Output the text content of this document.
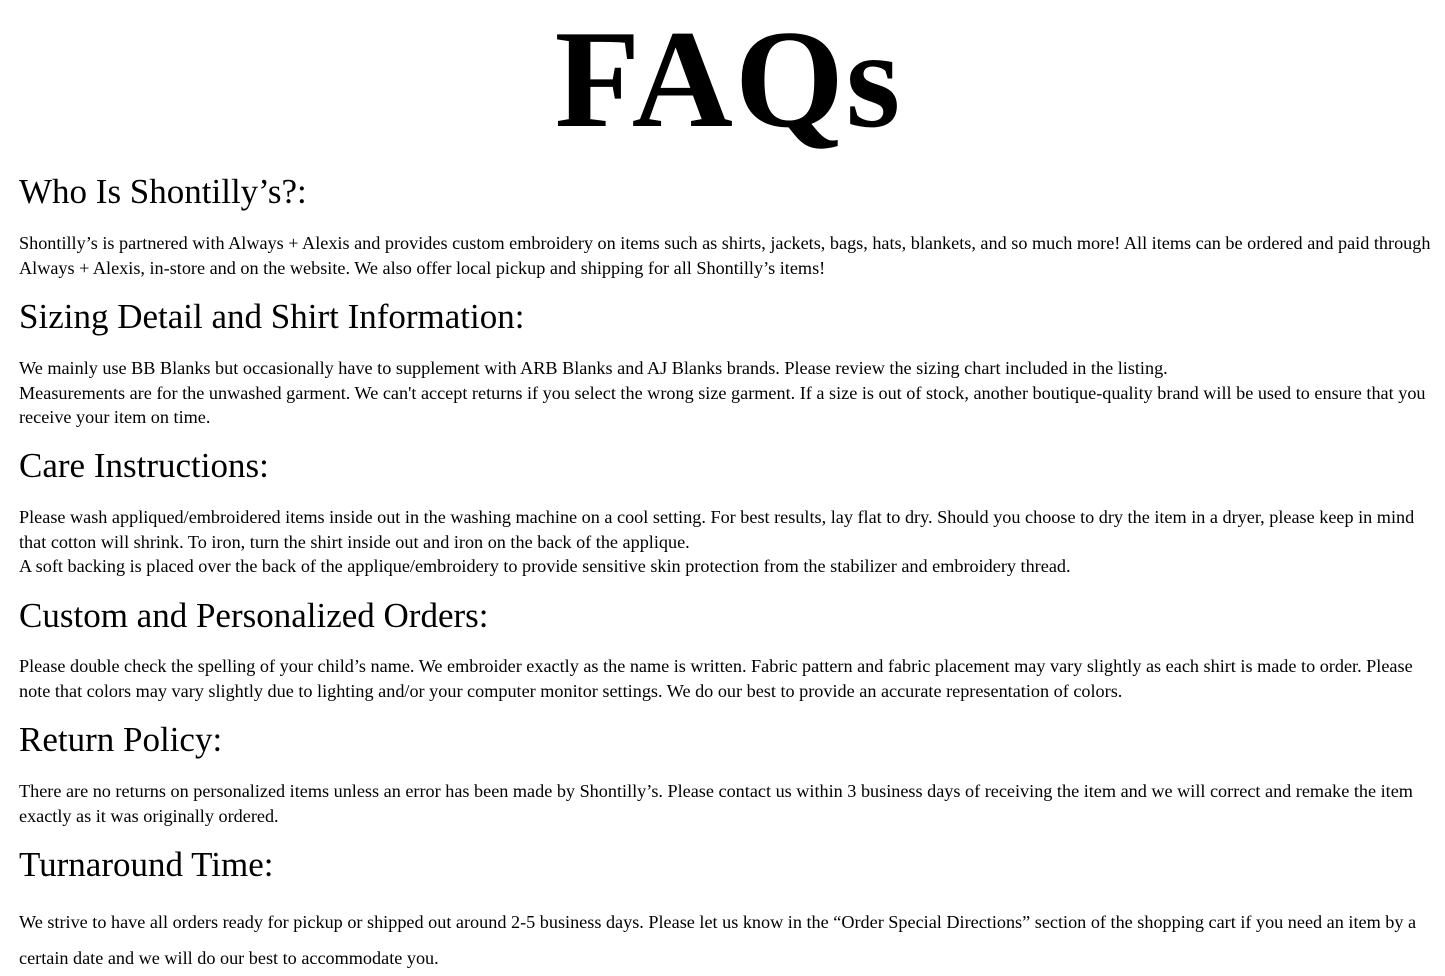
FAQs
Who Is Shontilly’s?:
Shontilly’s is partnered with Always + Alexis and provides custom embroidery on items such as shirts, jackets, bags, hats, blankets, and so much more! All items can be ordered and paid through Always + Alexis, in-store and on the website. We also offer local pickup and shipping for all Shontilly’s items!
Sizing Detail and Shirt Information:
We mainly use BB Blanks but occasionally have to supplement with ARB Blanks and AJ Blanks brands. Please review the sizing chart included in the listing.
Measurements are for the unwashed garment. We can't accept returns if you select the wrong size garment. If a size is out of stock, another boutique-quality brand will be used to ensure that you receive your item on time.
Care Instructions:
Please wash appliqued/embroidered items inside out in the washing machine on a cool setting. For best results, lay flat to dry. Should you choose to dry the item in a dryer, please keep in mind that cotton will shrink. To iron, turn the shirt inside out and iron on the back of the applique.
A soft backing is placed over the back of the applique/embroidery to provide sensitive skin protection from the stabilizer and embroidery thread.
Custom and Personalized Orders:
Please double check the spelling of your child’s name. We embroider exactly as the name is written. Fabric pattern and fabric placement may vary slightly as each shirt is made to order. Please note that colors may vary slightly due to lighting and/or your computer monitor settings. We do our best to provide an accurate representation of colors.
Return Policy:
There are no returns on personalized items unless an error has been made by Shontilly’s. Please contact us within 3 business days of receiving the item and we will correct and remake the item exactly as it was originally ordered.
Turnaround Time:
We strive to have all orders ready for pickup or shipped out around 2-5 business days. Please let us know in the “Order Special Directions” section of the shopping cart if you need an item by a certain date and we will do our best to accommodate you.
